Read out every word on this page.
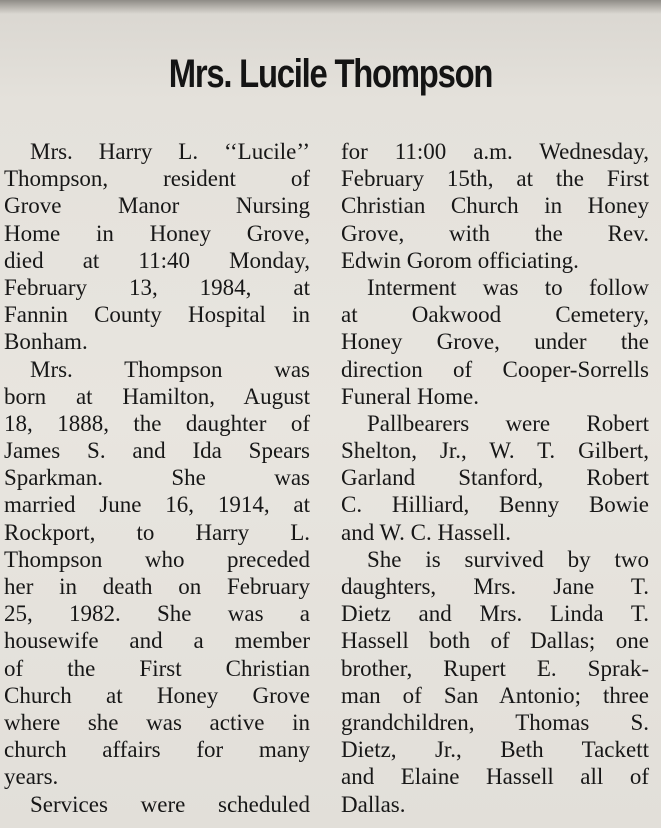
Mrs. Lucile Thompson
Mrs. Harry L. ‘‘Lucile’’
Thompson, resident of
Grove Manor Nursing
Home in Honey Grove,
died at 11:40 Monday,
February 13, 1984, at
Fannin County Hospital in
Bonham.
Mrs. Thompson was
born at Hamilton, August
18, 1888, the daughter of
James S. and Ida Spears
Sparkman. She was
married June 16, 1914, at
Rockport, to Harry L.
Thompson who preceded
her in death on February
25, 1982. She was a
housewife and a member
of the First Christian
Church at Honey Grove
where she was active in
church affairs for many
years.
Services were scheduled
for 11:00 a.m. Wednesday,
February 15th, at the First
Christian Church in Honey
Grove, with the Rev.
Edwin Gorom officiating.
Interment was to follow
at Oakwood Cemetery,
Honey Grove, under the
direction of Cooper-Sorrells
Funeral Home.
Pallbearers were Robert
Shelton, Jr., W. T. Gilbert,
Garland Stanford, Robert
C. Hilliard, Benny Bowie
and W. C. Hassell.
She is survived by two
daughters, Mrs. Jane T.
Dietz and Mrs. Linda T.
Hassell both of Dallas; one
brother, Rupert E. Sprak-
man of San Antonio; three
grandchildren, Thomas S.
Dietz, Jr., Beth Tackett
and Elaine Hassell all of
Dallas.
